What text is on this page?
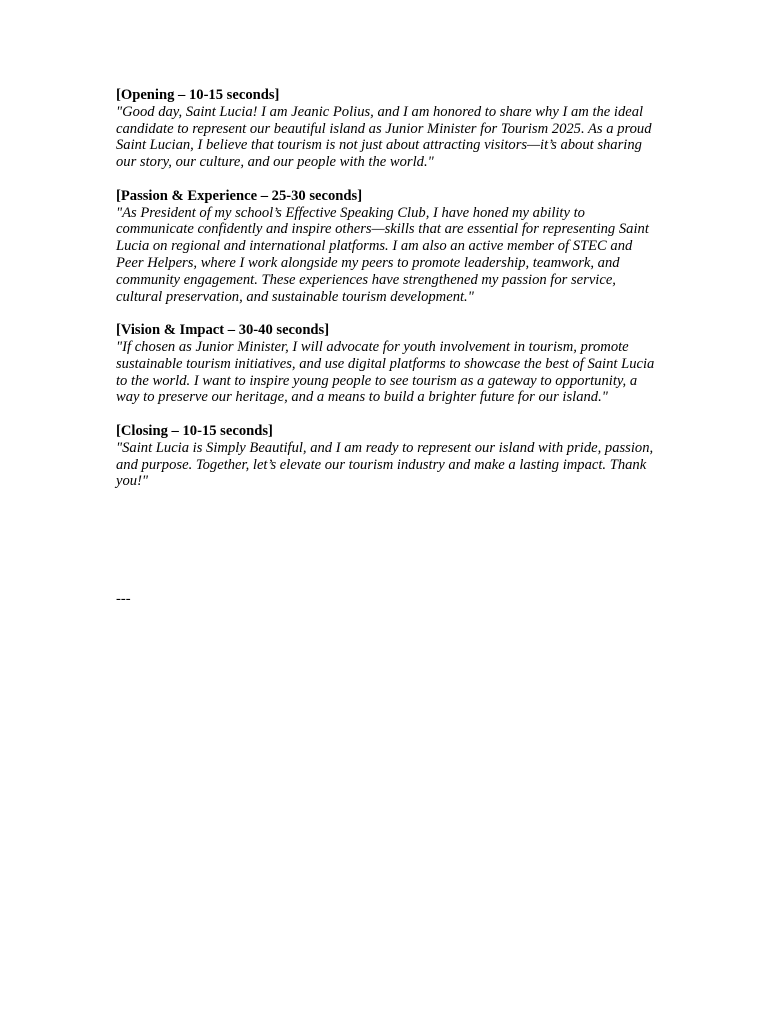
[Opening – 10-15 seconds]

"Good day, Saint Lucia! I am Jeanic Polius, and I am honored to share why I am the ideal candidate to represent our beautiful island as Junior Minister for Tourism 2025. As a proud Saint Lucian, I believe that tourism is not just about attracting visitors—it’s about sharing our story, our culture, and our people with the world."

[Passion & Experience – 25-30 seconds]

"As President of my school’s Effective Speaking Club, I have honed my ability to communicate confidently and inspire others—skills that are essential for representing Saint Lucia on regional and international platforms. I am also an active member of STEC and Peer Helpers, where I work alongside my peers to promote leadership, teamwork, and community engagement. These experiences have strengthened my passion for service, cultural preservation, and sustainable tourism development."

[Vision & Impact – 30-40 seconds]

"If chosen as Junior Minister, I will advocate for youth involvement in tourism, promote sustainable tourism initiatives, and use digital platforms to showcase the best of Saint Lucia to the world. I want to inspire young people to see tourism as a gateway to opportunity, a way to preserve our heritage, and a means to build a brighter future for our island."

[Closing – 10-15 seconds]

"Saint Lucia is Simply Beautiful, and I am ready to represent our island with pride, passion, and purpose. Together, let’s elevate our tourism industry and make a lasting impact. Thank you!"

---
